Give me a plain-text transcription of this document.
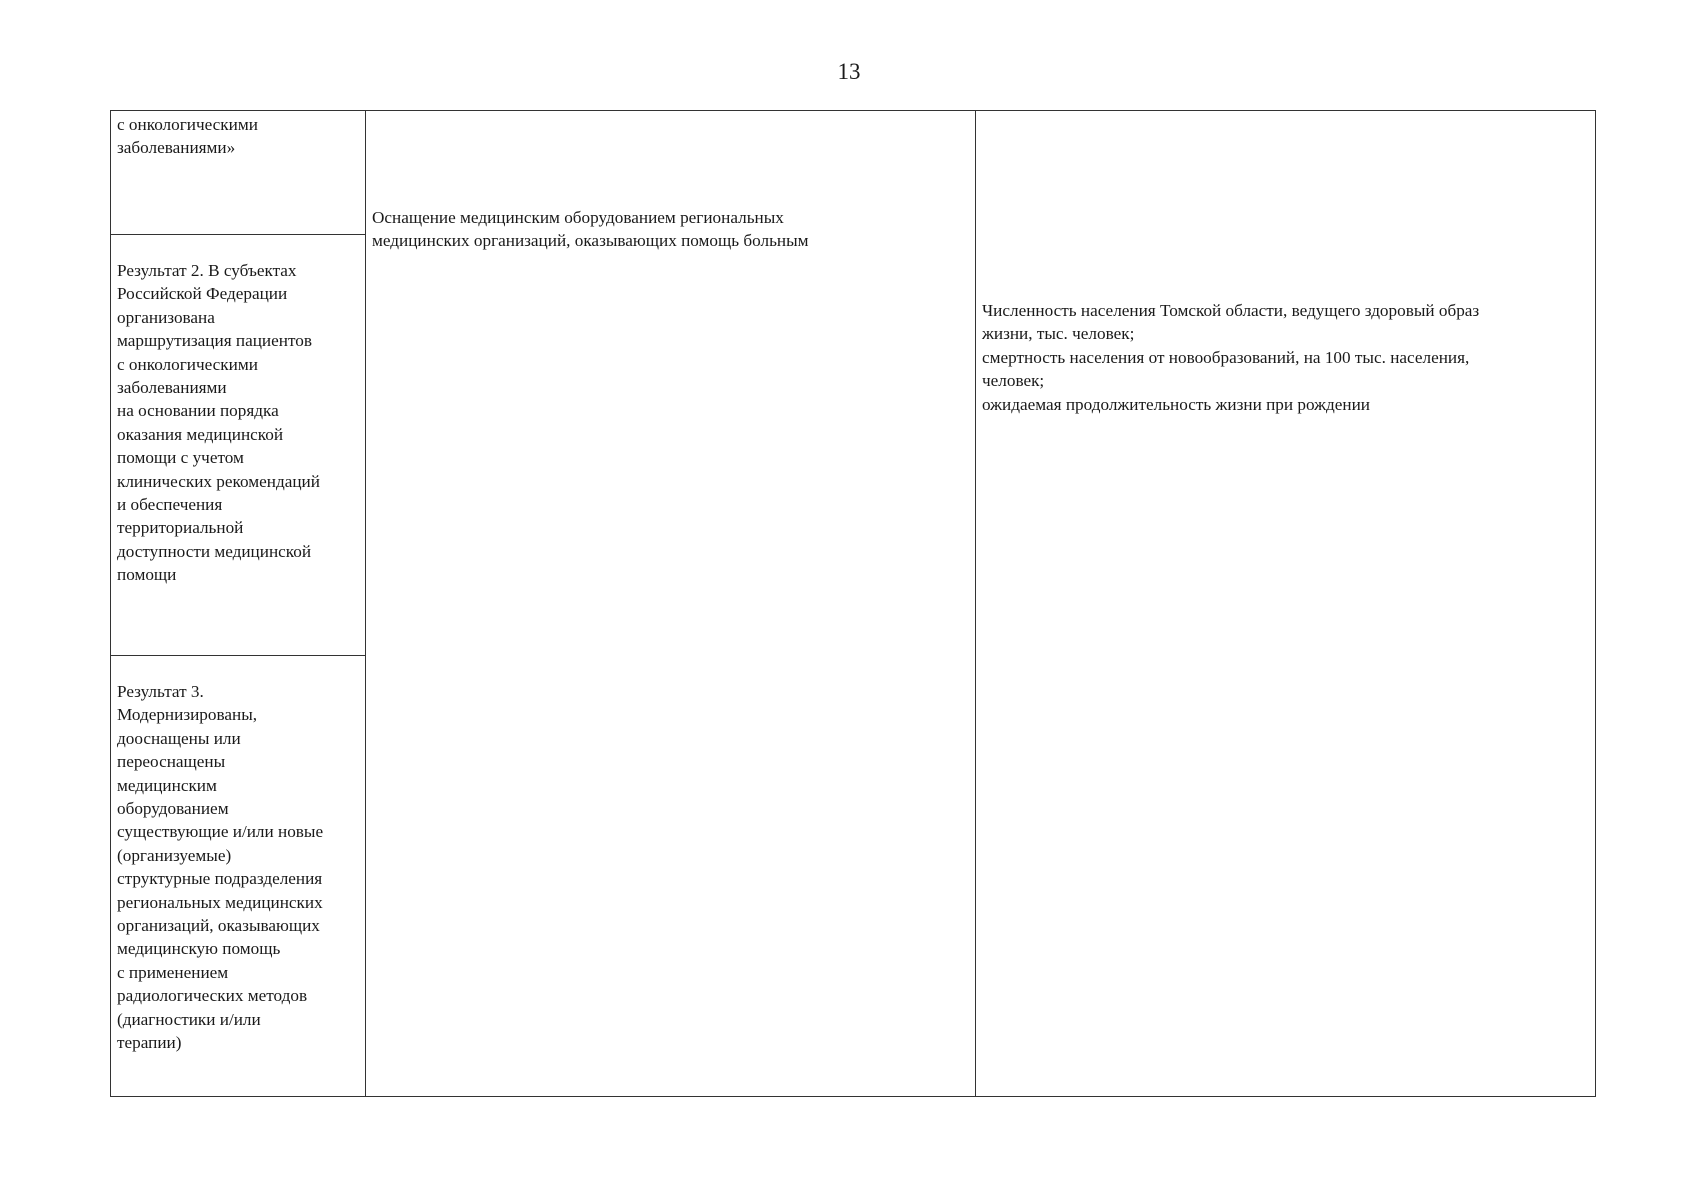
13
с онкологическими
заболеваниями»
Результат 2. В субъектах
Российской Федерации
организована
маршрутизация пациентов
с онкологическими
заболеваниями
на основании порядка
оказания медицинской
помощи с учетом
клинических рекомендаций
и обеспечения
территориальной
доступности медицинской
помощи
Результат 3.
Модернизированы,
дооснащены или
переоснащены
медицинским
оборудованием
существующие и/или новые
(организуемые)
структурные подразделения
региональных медицинских
организаций, оказывающих
медицинскую помощь
с применением
радиологических методов
(диагностики и/или
терапии)
Оснащение медицинским оборудованием региональных
медицинских организаций, оказывающих помощь больным
Численность населения Томской области, ведущего здоровый образ
жизни, тыс. человек;
смертность населения от новообразований, на 100 тыс. населения,
человек;
ожидаемая продолжительность жизни при рождении
